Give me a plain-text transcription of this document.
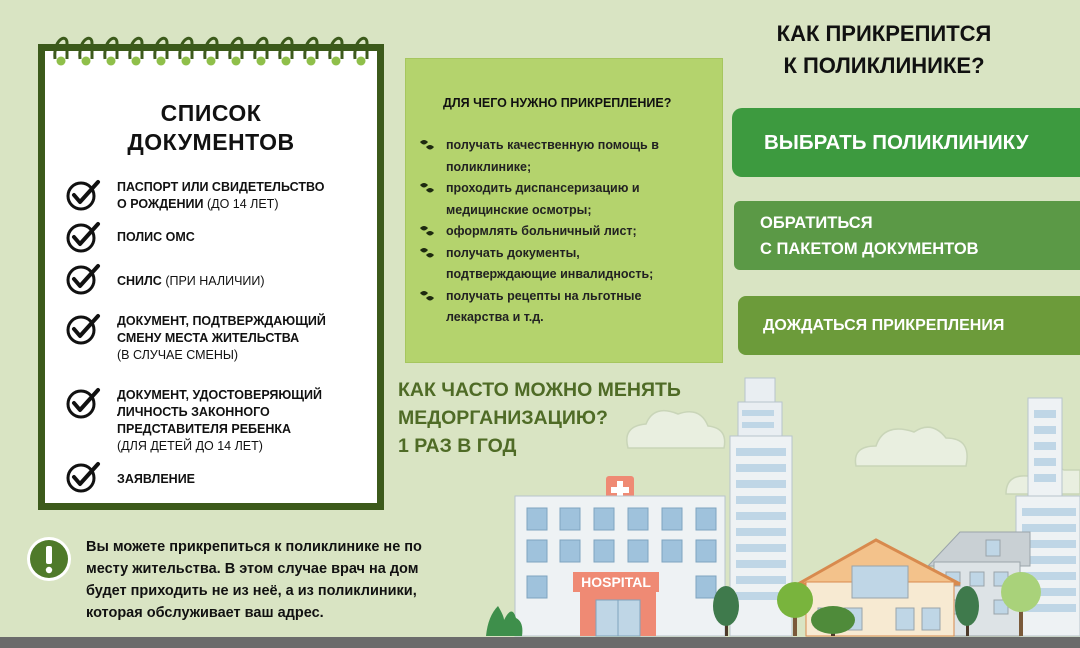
HOSPITAL
СПИСОК
ДОКУМЕНТОВ
ПАСПОРТ ИЛИ СВИДЕТЕЛЬСТВО
О РОЖДЕНИИ (ДО 14 ЛЕТ)
ПОЛИС ОМС
СНИЛС (ПРИ НАЛИЧИИ)
ДОКУМЕНТ, ПОДТВЕРЖДАЮЩИЙ
СМЕНУ МЕСТА ЖИТЕЛЬСТВА
(В СЛУЧАЕ СМЕНЫ)
ДОКУМЕНТ, УДОСТОВЕРЯЮЩИЙ
ЛИЧНОСТЬ ЗАКОННОГО
ПРЕДСТАВИТЕЛЯ РЕБЕНКА
(ДЛЯ ДЕТЕЙ ДО 14 ЛЕТ)
ЗАЯВЛЕНИЕ
ДЛЯ ЧЕГО НУЖНО ПРИКРЕПЛЕНИЕ?
получать качественную помощь в
поликлинике;
проходить диспансеризацию и
медицинские осмотры;
оформлять больничный лист;
получать документы,
подтверждающие инвалидность;
получать рецепты на льготные
лекарства и т.д.
КАК ПРИКРЕПИТСЯ
К ПОЛИКЛИНИКЕ?
ВЫБРАТЬ ПОЛИКЛИНИКУ
ОБРАТИТЬСЯ
С ПАКЕТОМ ДОКУМЕНТОВ
ДОЖДАТЬСЯ ПРИКРЕПЛЕНИЯ
КАК ЧАСТО МОЖНО МЕНЯТЬ
МЕДОРГАНИЗАЦИЮ?
1 РАЗ В ГОД
Вы можете прикрепиться к поликлинике не по
месту жительства. В этом случае врач на дом
будет приходить не из неё, а из поликлиники,
которая обслуживает ваш адрес.
